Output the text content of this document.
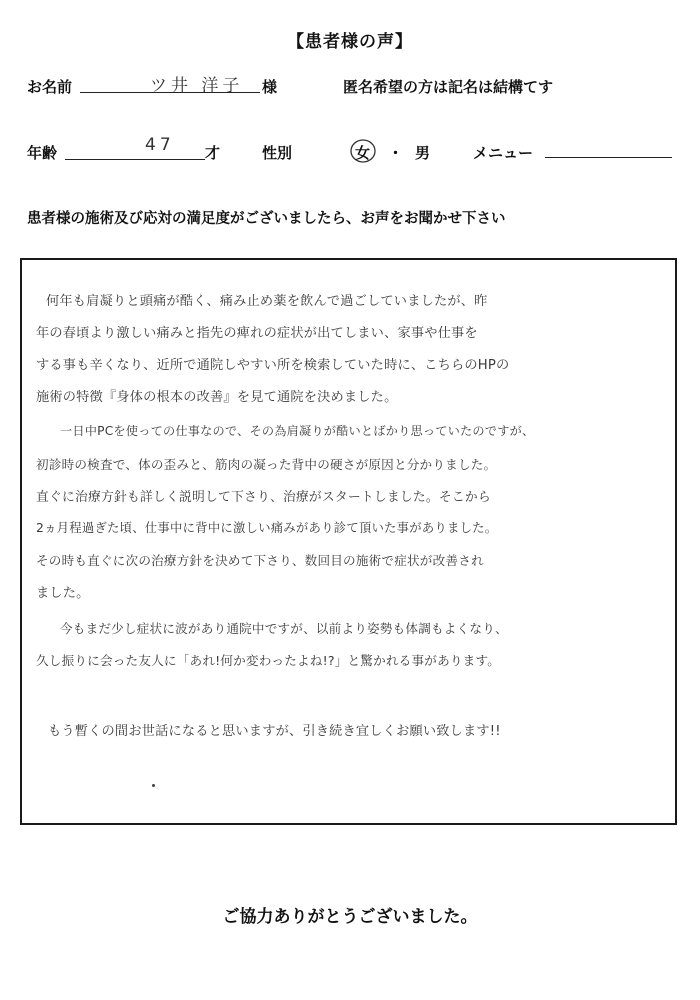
【患者様の声】
お名前	ツ井 洋子 様	匿名希望の方は記名は結構てす
年齢	47 才	性別	女 ・ 男	メニュー
患者様の施術及び応対の満足度がございましたら、お声をお聞かせ下さい
何年も肩凝りと頭痛が酷く、痛み止め薬を飲んで過ごしていましたが、昨
年の春頃より激しい痛みと指先の痺れの症状が出てしまい、家事や仕事を
する事も辛くなり、近所で通院しやすい所を検索していた時に、こちらのHPの
施術の特徴『身体の根本の改善』を見て通院を決めました。
一日中PCを使っての仕事なので、その為肩凝りが酷いとばかり思っていたのですが、
初診時の検査で、体の歪みと、筋肉の凝った背中の硬さが原因と分かりました。
直ぐに治療方針も詳しく説明して下さり、治療がスタートしました。そこから
2ヵ月程過ぎた頃、仕事中に背中に激しい痛みがあり診て頂いた事がありました。
その時も直ぐに次の治療方針を決めて下さり、数回目の施術で症状が改善され
ました。
今もまだ少し症状に波があり通院中ですが、以前より姿勢も体調もよくなり、
久し振りに会った友人に「あれ!何か変わったよね!?」と驚かれる事があります。
もう暫くの間お世話になると思いますが、引き続き宜しくお願い致します!!
ご協力ありがとうございました。
